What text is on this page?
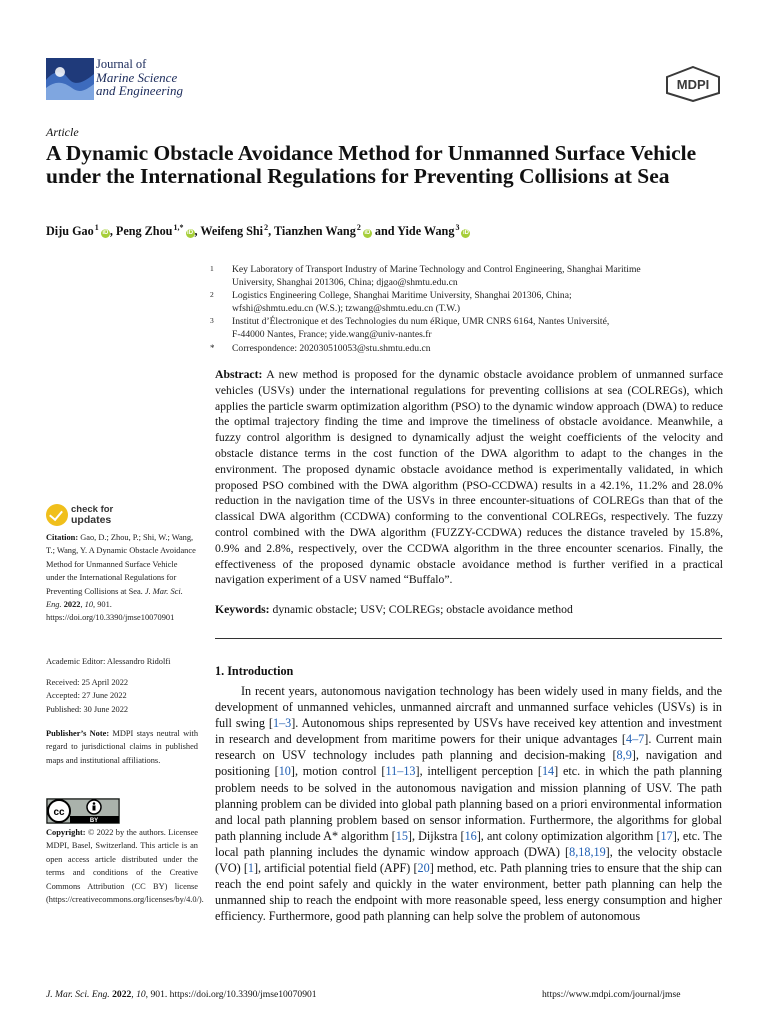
Journal of
Marine Science
and Engineering	MDPI
Article
A Dynamic Obstacle Avoidance Method for Unmanned Surface Vehicle under the International Regulations for Preventing Collisions at Sea
Diju Gao $^1$ iD , Peng Zhou $^{1,*}$ iD , Weifeng Shi $^2$, Tianzhen Wang $^2$ iD and Yide Wang $^3$ iD
1 Key Laboratory of Transport Industry of Marine Technology and Control Engineering, Shanghai Maritime
University, Shanghai 201306, China; djgao@shmtu.edu.cn
2 Logistics Engineering College, Shanghai Maritime University, Shanghai 201306, China;
wfshi@shmtu.edu.cn (W.S.); tzwang@shmtu.edu.cn (T.W.)
3 Institut d’Électronique et des Technologies du num éRique, UMR CNRS 6164, Nantes Université,
F-44000 Nantes, France; yide.wang@univ-nantes.fr
* Correspondence: 202030510053@stu.shmtu.edu.cn
Abstract: A new method is proposed for the dynamic obstacle avoidance problem of unmanned surface vehicles (USVs) under the international regulations for preventing collisions at sea (COLREGs), which applies the particle swarm optimization algorithm (PSO) to the dynamic window approach (DWA) to reduce the optimal trajectory finding the time and improve the timeliness of obstacle avoidance. Meanwhile, a fuzzy control algorithm is designed to dynamically adjust the weight coefficients of the velocity and obstacle distance terms in the cost function of the DWA algorithm to adapt to the changes in the environment. The proposed dynamic obstacle avoidance method is experimentally validated, in which proposed PSO combined with the DWA algorithm (PSO-CCDWA) results in a 42.1%, 11.2% and 28.0% reduction in the navigation time of the USVs in three encounter-situations of COLREGs than that of the classical DWA algorithm (CCDWA) conforming to the conventional COLREGs, respectively. The fuzzy control combined with the DWA algorithm (FUZZY-CCDWA) reduces the distance traveled by 15.8%, 0.9% and 2.8%, respectively, over the CCDWA algorithm in the three encounter scenarios. Finally, the effectiveness of the proposed dynamic obstacle avoidance method is further verified in a practical navigation experiment of a USV named “Buffalo”.
Keywords: dynamic obstacle; USV; COLREGs; obstacle avoidance method
check for
updates
Citation: Gao, D.; Zhou, P.; Shi, W.; Wang, T.; Wang, Y. A Dynamic Obstacle Avoidance Method for Unmanned Surface Vehicle under the International Regulations for Preventing Collisions at Sea. J. Mar. Sci. Eng. 2022, 10, 901. https://doi.org/10.3390/jmse10070901
Academic Editor: Alessandro Ridolfi
Received: 25 April 2022
Accepted: 27 June 2022
Published: 30 June 2022
Publisher’s Note: MDPI stays neutral with regard to jurisdictional claims in published maps and institutional affiliations.
cc
BY
Copyright: © 2022 by the authors. Licensee MDPI, Basel, Switzerland. This article is an open access article distributed under the terms and conditions of the Creative Commons Attribution (CC BY) license (https://creativecommons.org/licenses/by/4.0/).
1. Introduction

In recent years, autonomous navigation technology has been widely used in many fields, and the development of unmanned vehicles, unmanned aircraft and unmanned surface vehicles (USVs) is in full swing [1–3]. Autonomous ships represented by USVs have received key attention and investment in research and development from maritime powers for their unique advantages [4–7]. Current main research on USV technology includes path planning and decision-making [8,9], navigation and positioning [10], motion control [11–13], intelligent perception [14] etc. in which the path planning problem needs to be solved in the autonomous navigation and mission planning of USV. The path planning problem can be divided into global path planning based on a priori environmental information and local path planning problem based on sensor information. Furthermore, the algorithms for global path planning include A* algorithm [15], Dijkstra [16], ant colony optimization algorithm [17], etc. The local path planning includes the dynamic window approach (DWA) [8,18,19], the velocity obstacle (VO) [1], artificial potential field (APF) [20] method, etc. Path planning tries to ensure that the ship can reach the end point safely and quickly in the water environment, better path planning can help the unmanned ship to reach the endpoint with more reasonable speed, less energy consumption and higher efficiency. Furthermore, good path planning can help solve the problem of autonomous

J. Mar. Sci. Eng. 2022, 10, 901. https://doi.org/10.3390/jmse10070901	https://www.mdpi.com/journal/jmse
